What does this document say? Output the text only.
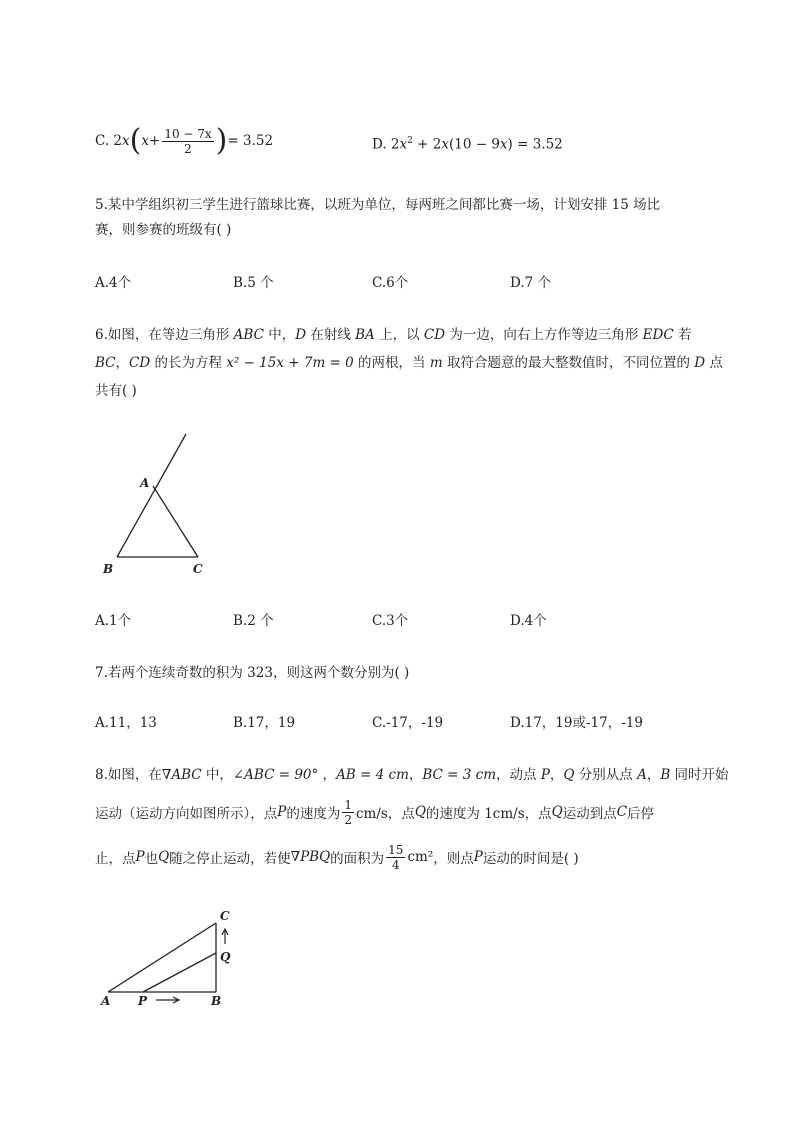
C. 2 x ( $x + \frac{10 - 7x}{2}$ ) = 3.52	D. $2x^2 + 2x(10 - 9x) = 3.52$
5.某中学组织初三学生进行篮球比赛，以班为单位，每两班之间都比赛一场，计划安排 15 场比
赛，则参赛的班级有( )
A.4个	B.5 个	C.6个	D.7 个
6.如图，在等边三角形 ABC 中，D 在射线 BA 上，以 CD 为一边，向右上方作等边三角形 EDC 若
BC，CD 的长为方程 x² − 15x + 7m = 0 的两根，当 m 取符合题意的最大整数值时，不同位置的 D 点
共有( )
A
B	C
A P	B
Q
C
A.1个	B.2 个	C.3个	D.4个
7.若两个连续奇数的积为 323，则这两个数分别为( )
A.11，13	B.17，19	C.-17，-19	D.17，19或-17，-19
8.如图，在∇ABC 中，∠ABC = 90° ，AB = 4 cm，BC = 3 cm，动点 P，Q 分别从点 A，B 同时开始
运动（运动方向如图所示），点 P 的速度为 $\frac{1}{2} cm/s$，点 Q 的速度为 1cm/s，点 Q 运动到点 C 后停
止，点 P 也 Q 随之停止运动，若使 ∇PBQ 的面积为 $\frac{15}{4} cm^2$ ，则点 P 运动的时间是( )
